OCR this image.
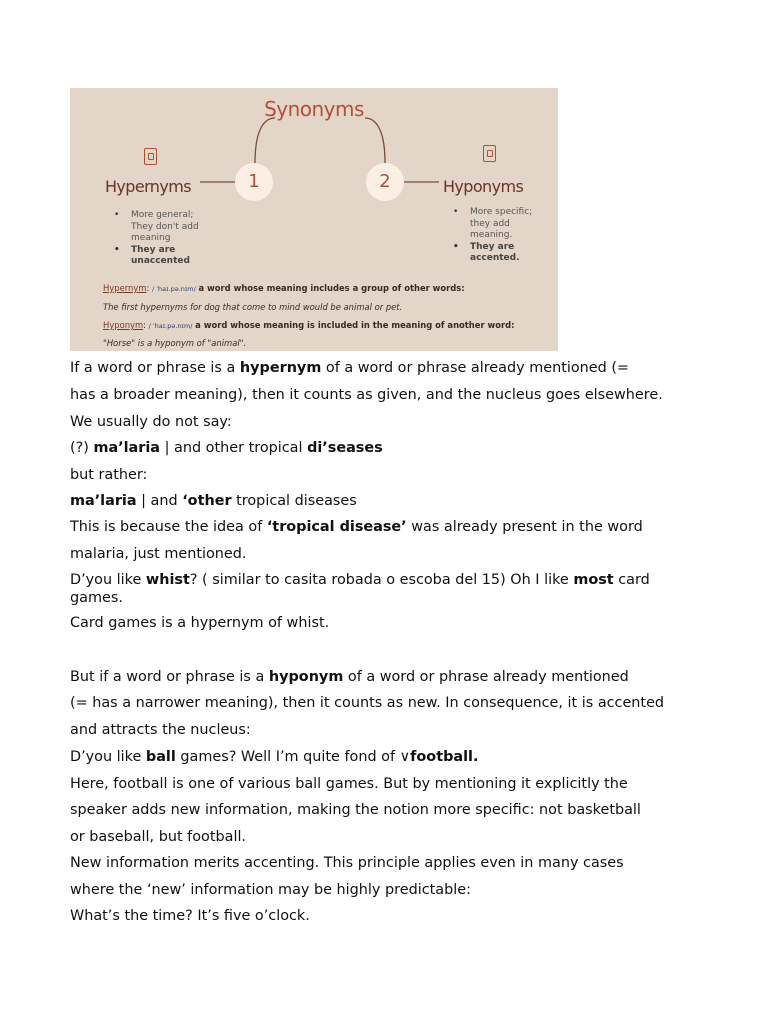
Synonyms
1	2
Hypernyms	Hyponyms
• More general;
They don't add
meaning
• They are
unaccented
• More specific;
they add
meaning.
• They are
accented.
Hypernym: / ˈhaɪ.pə.nɪm/ a word whose meaning includes a group of other words:
The first hypernyms for dog that come to mind would be animal or pet.
Hyponym: / ˈhaɪ.pə.nɪm/ a word whose meaning is included in the meaning of another word:
"Horse" is a hyponym of "animal".
If a word or phrase is a hypernym of a word or phrase already mentioned (=
has a broader meaning), then it counts as given, and the nucleus goes elsewhere.
We usually do not say:
(?) ma’laria | and other tropical di’seases
but rather:
ma’laria | and ‘other tropical diseases
This is because the idea of ‘tropical disease’ was already present in the word
malaria, just mentioned.
D’you like whist? ( similar to casita robada o escoba del 15) Oh I like most card
games.
Card games is a hypernym of whist.
But if a word or phrase is a hyponym of a word or phrase already mentioned
(= has a narrower meaning), then it counts as new. In consequence, it is accented
and attracts the nucleus:
D’you like ball games? Well I’m quite fond of ∨football.
Here, football is one of various ball games. But by mentioning it explicitly the
speaker adds new information, making the notion more specific: not basketball
or baseball, but football.
New information merits accenting. This principle applies even in many cases
where the ‘new’ information may be highly predictable:
What’s the time? It’s five o’clock.
